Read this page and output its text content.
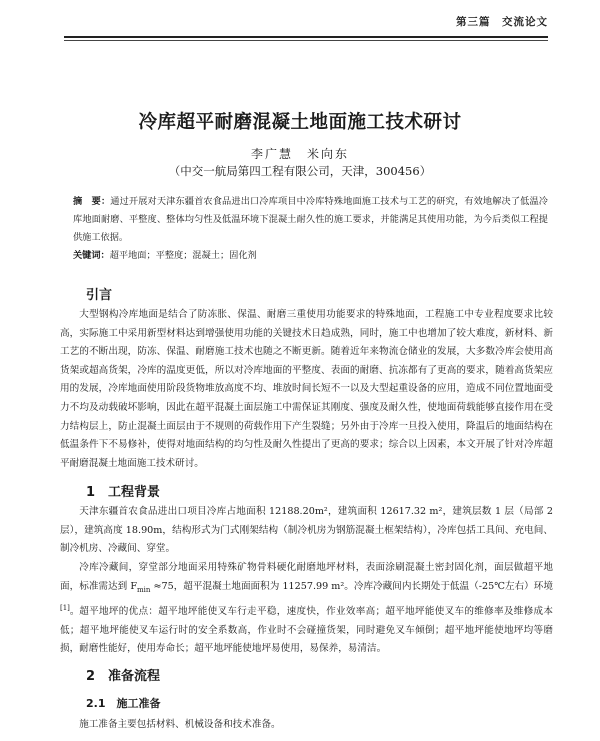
第三篇　交流论文
冷库超平耐磨混凝土地面施工技术研讨
李广慧　米向东
（中交一航局第四工程有限公司，天津，300456）
摘　要：通过开展对天津东疆首农食品进出口冷库项目中冷库特殊地面施工技术与工艺的研究，有效地解决了低温冷库地面耐磨、平整度、整体均匀性及低温环境下混凝土耐久性的施工要求，并能满足其使用功能，为今后类似工程提供施工依据。
关键词：超平地面；平整度；混凝土；固化剂
引言

大型钢构冷库地面是结合了防冻胀、保温、耐磨三重使用功能要求的特殊地面，工程施工中专业程度要求比较高，实际施工中采用新型材料达到增强使用功能的关键技术日趋成熟，同时，施工中也增加了较大难度，新材料、新工艺的不断出现，防冻、保温、耐磨施工技术也随之不断更新。随着近年来物流仓储业的发展，大多数冷库会使用高货架或超高货架，冷库的温度更低，所以对冷库地面的平整度、表面的耐磨、抗冻都有了更高的要求，随着高货架应用的发展，冷库地面使用阶段货物堆放高度不均、堆放时间长短不一以及大型起重设备的应用，造成不同位置地面受力不均及动载破坏影响，因此在超平混凝土面层施工中需保证其刚度、强度及耐久性，使地面荷载能够直接作用在受力结构层上，防止混凝土面层由于不规则的荷载作用下产生裂缝；另外由于冷库一旦投入使用，降温后的地面结构在低温条件下不易修补，使得对地面结构的均匀性及耐久性提出了更高的要求；综合以上因素，本文开展了针对冷库超平耐磨混凝土地面施工技术研讨。

1　工程背景

天津东疆首农食品进出口项目冷库占地面积 12188.20m²，建筑面积 12617.32 m²，建筑层数 1 层（局部 2 层），建筑高度 18.90m，结构形式为门式刚架结构（制冷机房为钢筋混凝土框架结构），冷库包括工具间、充电间、制冷机房、冷藏间、穿堂。

冷库冷藏间，穿堂部分地面采用特殊矿物骨料硬化耐磨地坪材料，表面涂刷混凝土密封固化剂，面层做超平地面，标准需达到 $F_{min} \approx 75$，超平混凝土地面面积为 11257.99 m²。冷库冷藏间内长期处于低温（-25℃左右）环境[1]。 超平地坪的优点：超平地坪能使叉车行走平稳，速度快，作业效率高；超平地坪能使叉车的维修率及维修成本低；超平地坪能使叉车运行时的安全系数高，作业时不会碰撞货架，同时避免叉车倾倒；超平地坪能使地坪均等磨损，耐磨性能好，使用寿命长；超平地坪能使地坪易使用，易保养，易清洁。

2　准备流程
2.1　施工准备

施工准备主要包括材料、机械设备和技术准备。
